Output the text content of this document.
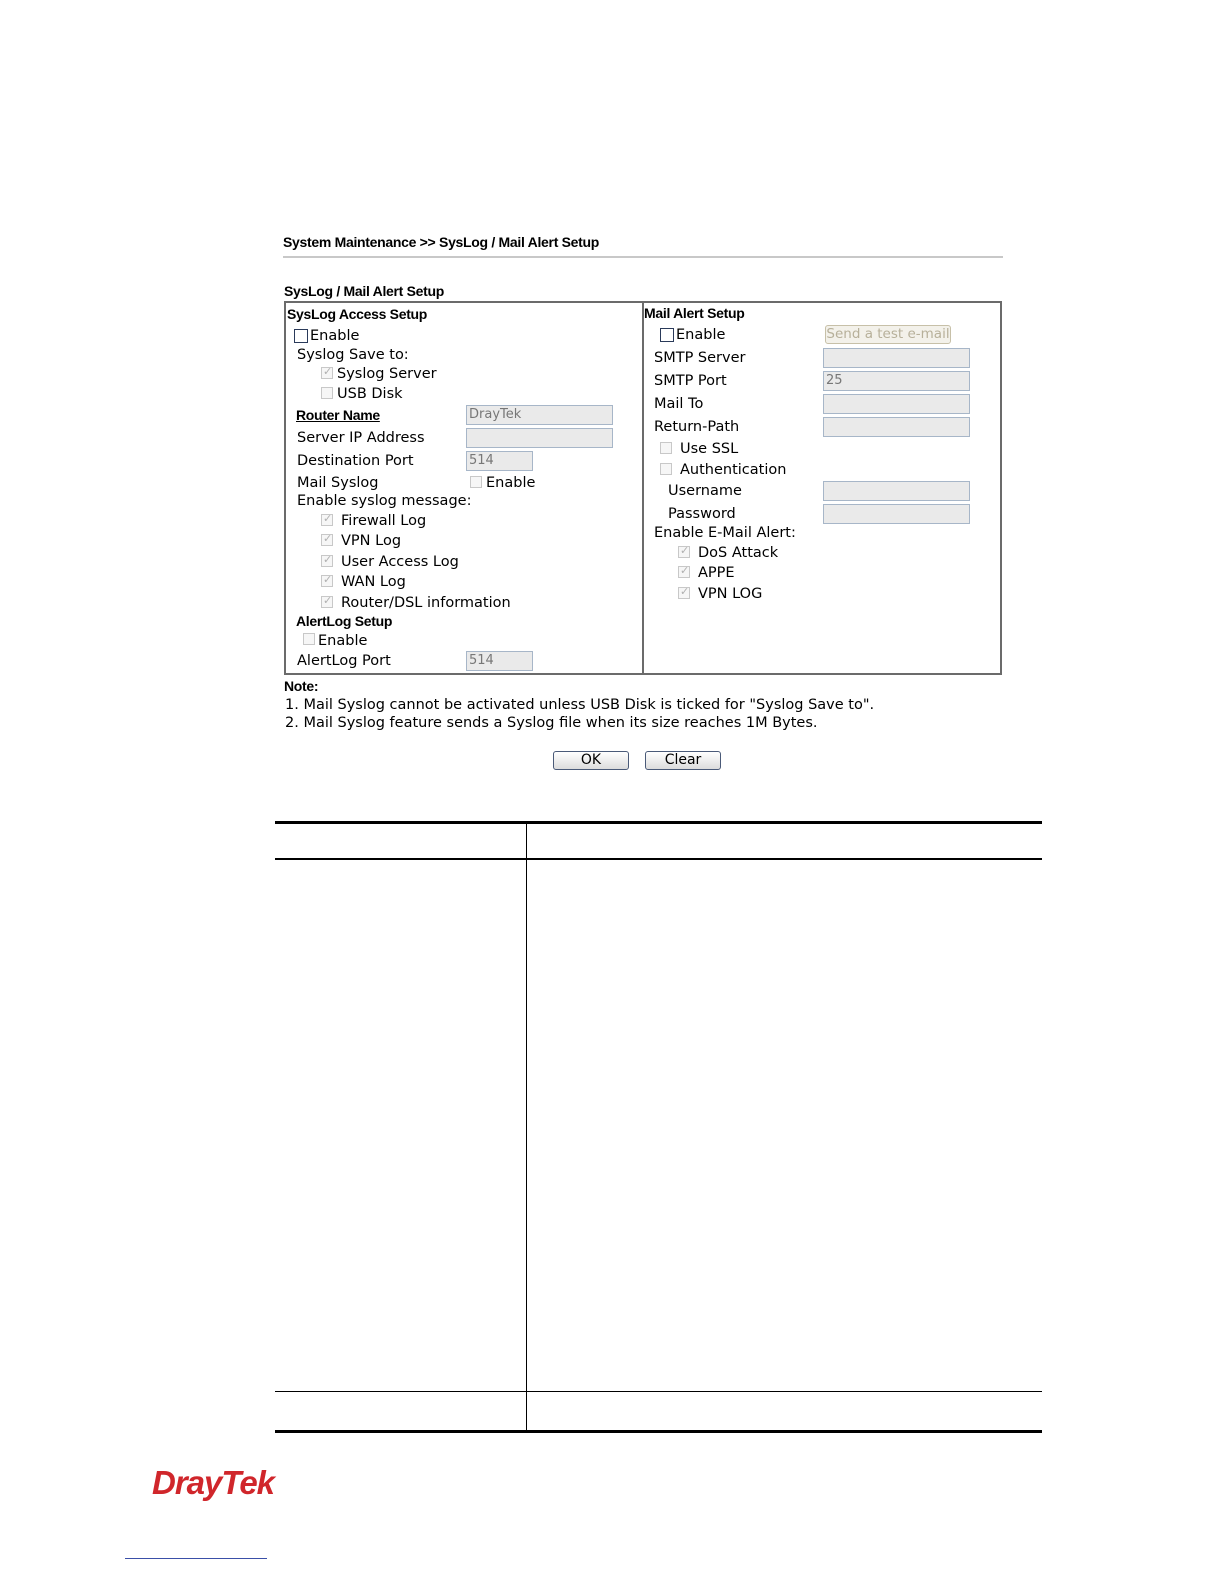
System Maintenance >> SysLog / Mail Alert Setup
SysLog / Mail Alert Setup
SysLog Access Setup
Enable
Syslog Save to:
✓
Syslog Server
USB Disk
Router Name	DrayTek
Server IP Address
Destination Port	514
Mail Syslog	Enable
Enable syslog message:
✓
Firewall Log
✓
VPN Log
✓
User Access Log
✓
WAN Log
✓
Router/DSL information
AlertLog Setup
Enable
AlertLog Port	514
Mail Alert Setup
Enable	Send a test e-mail
SMTP Server
SMTP Port	25
Mail To
Return-Path
Use SSL
Authentication
Username
Password
Enable E-Mail Alert:
✓
DoS Attack
✓
APPE
✓
VPN LOG
Note:
1. Mail Syslog cannot be activated unless USB Disk is ticked for "Syslog Save to".
2. Mail Syslog feature sends a Syslog file when its size reaches 1M Bytes.
OK	Clear
DrayTek
